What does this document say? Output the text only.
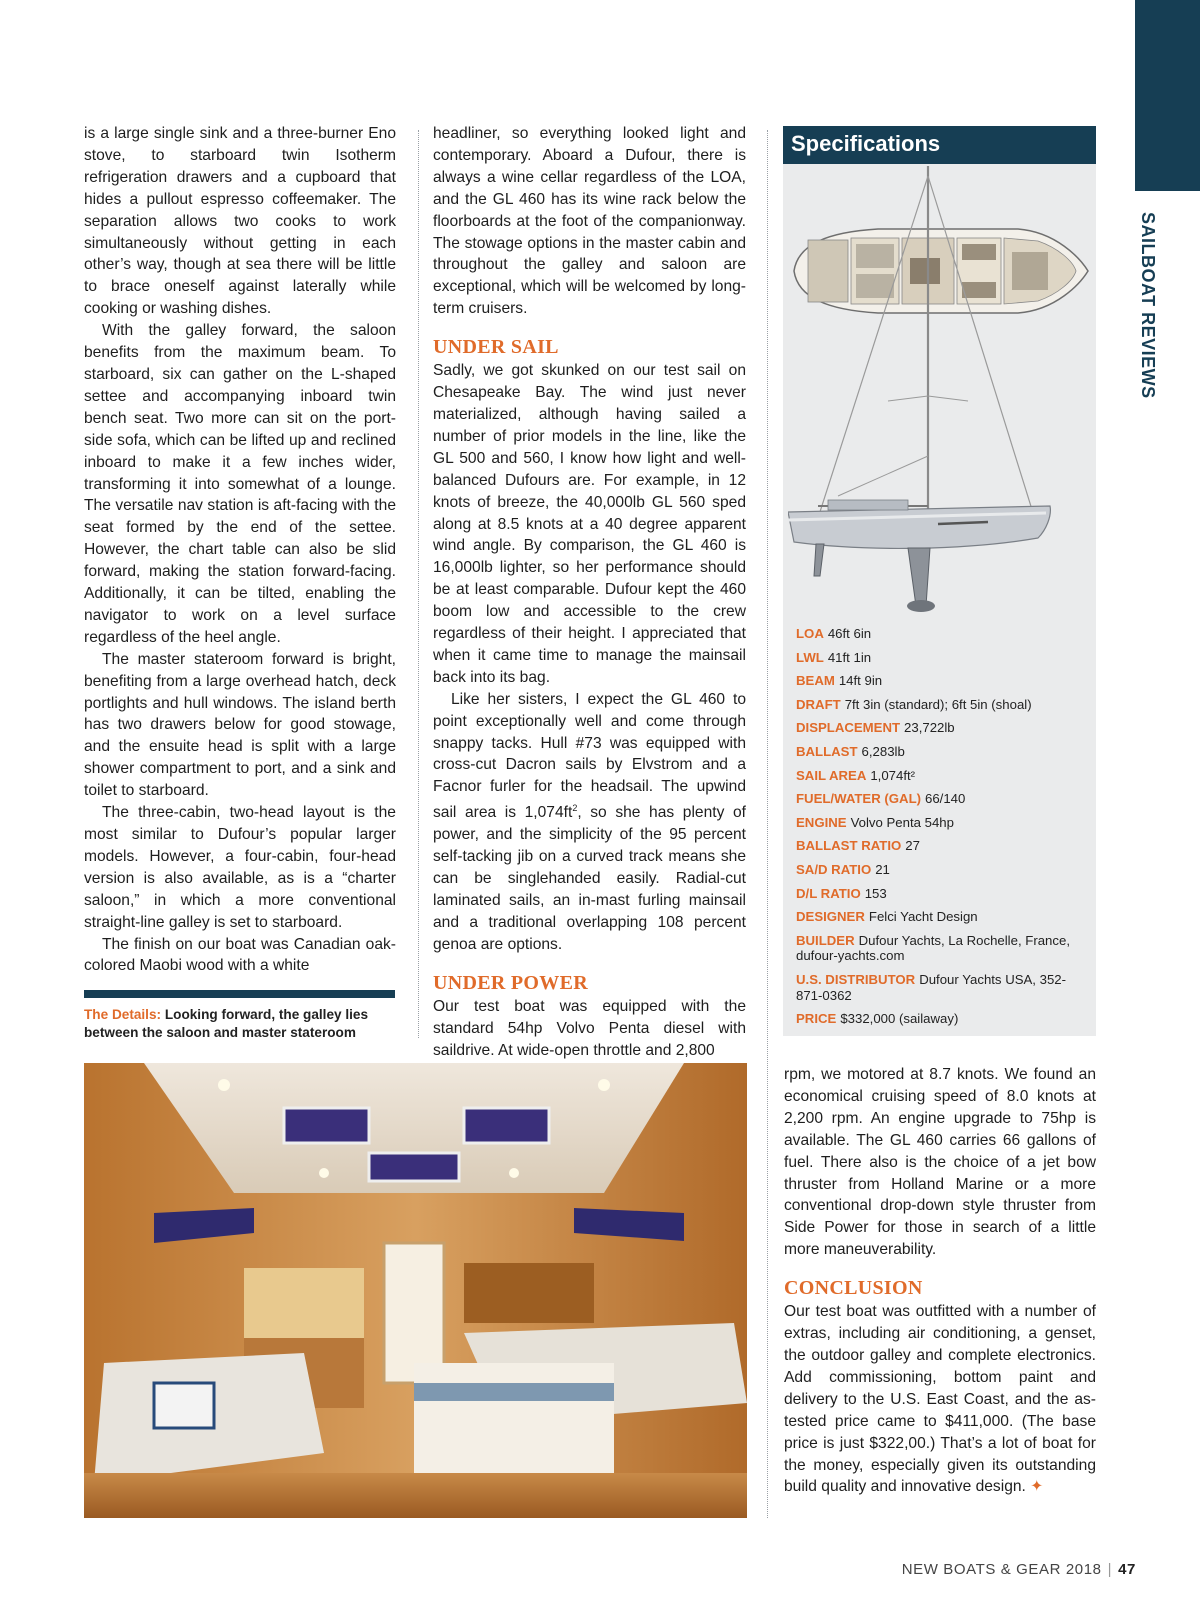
SAILBOAT REVIEWS

is a large single sink and a three-burner Eno stove, to starboard twin Isotherm refrigeration drawers and a cupboard that hides a pullout espresso coffeemaker. The separation allows two cooks to work simultaneously without getting in each other’s way, though at sea there will be little to brace oneself against laterally while cooking or washing dishes.

With the galley forward, the saloon benefits from the maximum beam. To starboard, six can gather on the L-shaped settee and accompanying inboard twin bench seat. Two more can sit on the port-side sofa, which can be lifted up and reclined inboard to make it a few inches wider, transforming it into somewhat of a lounge. The versatile nav station is aft-facing with the seat formed by the end of the settee. However, the chart table can also be slid forward, making the station forward-facing. Additionally, it can be tilted, enabling the navigator to work on a level surface regardless of the heel angle.

The master stateroom forward is bright, benefiting from a large overhead hatch, deck portlights and hull windows. The island berth has two drawers below for good stowage, and the ensuite head is split with a large shower compartment to port, and a sink and toilet to starboard.

The three-cabin, two-head layout is the most similar to Dufour’s popular larger models. However, a four-cabin, four-head version is also available, as is a “charter saloon,” in which a more conventional straight-line galley is set to starboard.

The finish on our boat was Canadian oak-colored Maobi wood with a white

The Details: Looking forward, the galley lies between the saloon and master stateroom

headliner, so everything looked light and contemporary. Aboard a Dufour, there is always a wine cellar regardless of the LOA, and the GL 460 has its wine rack below the floorboards at the foot of the companionway. The stowage options in the master cabin and throughout the galley and saloon are exceptional, which will be welcomed by long-term cruisers.

UNDER SAIL

Sadly, we got skunked on our test sail on Chesapeake Bay. The wind just never materialized, although having sailed a number of prior models in the line, like the GL 500 and 560, I know how light and well-balanced Dufours are. For example, in 12 knots of breeze, the 40,000lb GL 560 sped along at 8.5 knots at a 40 degree apparent wind angle. By comparison, the GL 460 is 16,000lb lighter, so her performance should be at least comparable. Dufour kept the 460 boom low and accessible to the crew regardless of their height. I appreciated that when it came time to manage the mainsail back into its bag.

Like her sisters, I expect the GL 460 to point exceptionally well and come through snappy tacks. Hull #73 was equipped with cross-cut Dacron sails by Elvstrom and a Facnor furler for the headsail. The upwind sail area is $1,074ft^2$, so she has plenty of power, and the simplicity of the 95 percent self-tacking jib on a curved track means she can be singlehanded easily. Radial-cut laminated sails, an in-mast furling mainsail and a traditional overlapping 108 percent genoa are options.

UNDER POWER

Our test boat was equipped with the standard 54hp Volvo Penta diesel with saildrive. At wide-open throttle and 2,800

Specifications
LOA 46ft 6in
LWL 41ft 1in
BEAM 14ft 9in
DRAFT 7ft 3in (standard); 6ft 5in (shoal)
DISPLACEMENT 23,722lb
BALLAST 6,283lb
SAIL AREA 1,074ft²
FUEL/WATER (GAL) 66/140
ENGINE Volvo Penta 54hp
BALLAST RATIO 27
SA/D RATIO 21
D/L RATIO 153
DESIGNER Felci Yacht Design
BUILDER Dufour Yachts, La Rochelle, France, dufour-yachts.com
U.S. DISTRIBUTOR Dufour Yachts USA, 352-871-0362
PRICE $332,000 (sailaway)

rpm, we motored at 8.7 knots. We found an economical cruising speed of 8.0 knots at 2,200 rpm. An engine upgrade to 75hp is available. The GL 460 carries 66 gallons of fuel. There also is the choice of a jet bow thruster from Holland Marine or a more conventional drop-down style thruster from Side Power for those in search of a little more maneuverability.

CONCLUSION

Our test boat was outfitted with a number of extras, including air conditioning, a genset, the outdoor galley and complete electronics. Add commissioning, bottom paint and delivery to the U.S. East Coast, and the as-tested price came to $411,000. (The base price is just $322,00.) That’s a lot of boat for the money, especially given its outstanding build quality and innovative design. ✦

NEW BOATS & GEAR 2018 | 47
